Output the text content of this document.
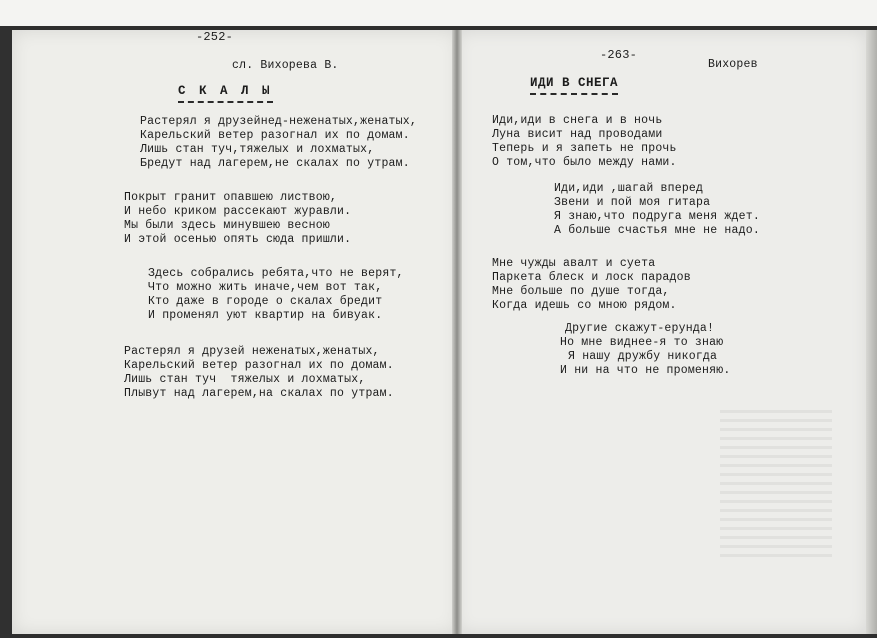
-252-
сл. Вихорева В.
С К А Л Ы
Растерял я друзейнед-неженатых,женатых,
Карельский ветер разогнал их по домам.
Лишь стан туч,тяжелых и лохматых,
Бредут над лагерем,не скалах по утрам.
Покрыт гранит опавшею листвою,
И небо криком рассекают журавли.
Мы были здесь минувшею весною
И этой осенью опять сюда пришли.
Здесь собрались ребята,что не верят,
Что можно жить иначе,чем вот так,
Кто даже в городе о скалах бредит
И променял уют квартир на бивуак.
Растерял я друзей неженатых,женатых,
Карельский ветер разогнал их по домам.
Лишь стан туч  тяжелых и лохматых,
Плывут над лагерем,на скалах по утрам.
-263-
Вихорев
ИДИ В СНЕГА
Иди,иди в снега и в ночь
Луна висит над проводами
Теперь и я запеть не прочь
О том,что было между нами.
Иди,иди ,шагай вперед
Звени и пой моя гитара
Я знаю,что подруга меня ждет.
А больше счастья мне не надо.
Мне чужды авалт и суета
Паркета блеск и лоск парадов
Мне больше по душе тогда,
Когда идешь со мною рядом.
Другие скажут-ерунда!
Но мне виднее-я то знаю
Я нашу дружбу никогда
И ни на что не променяю.
